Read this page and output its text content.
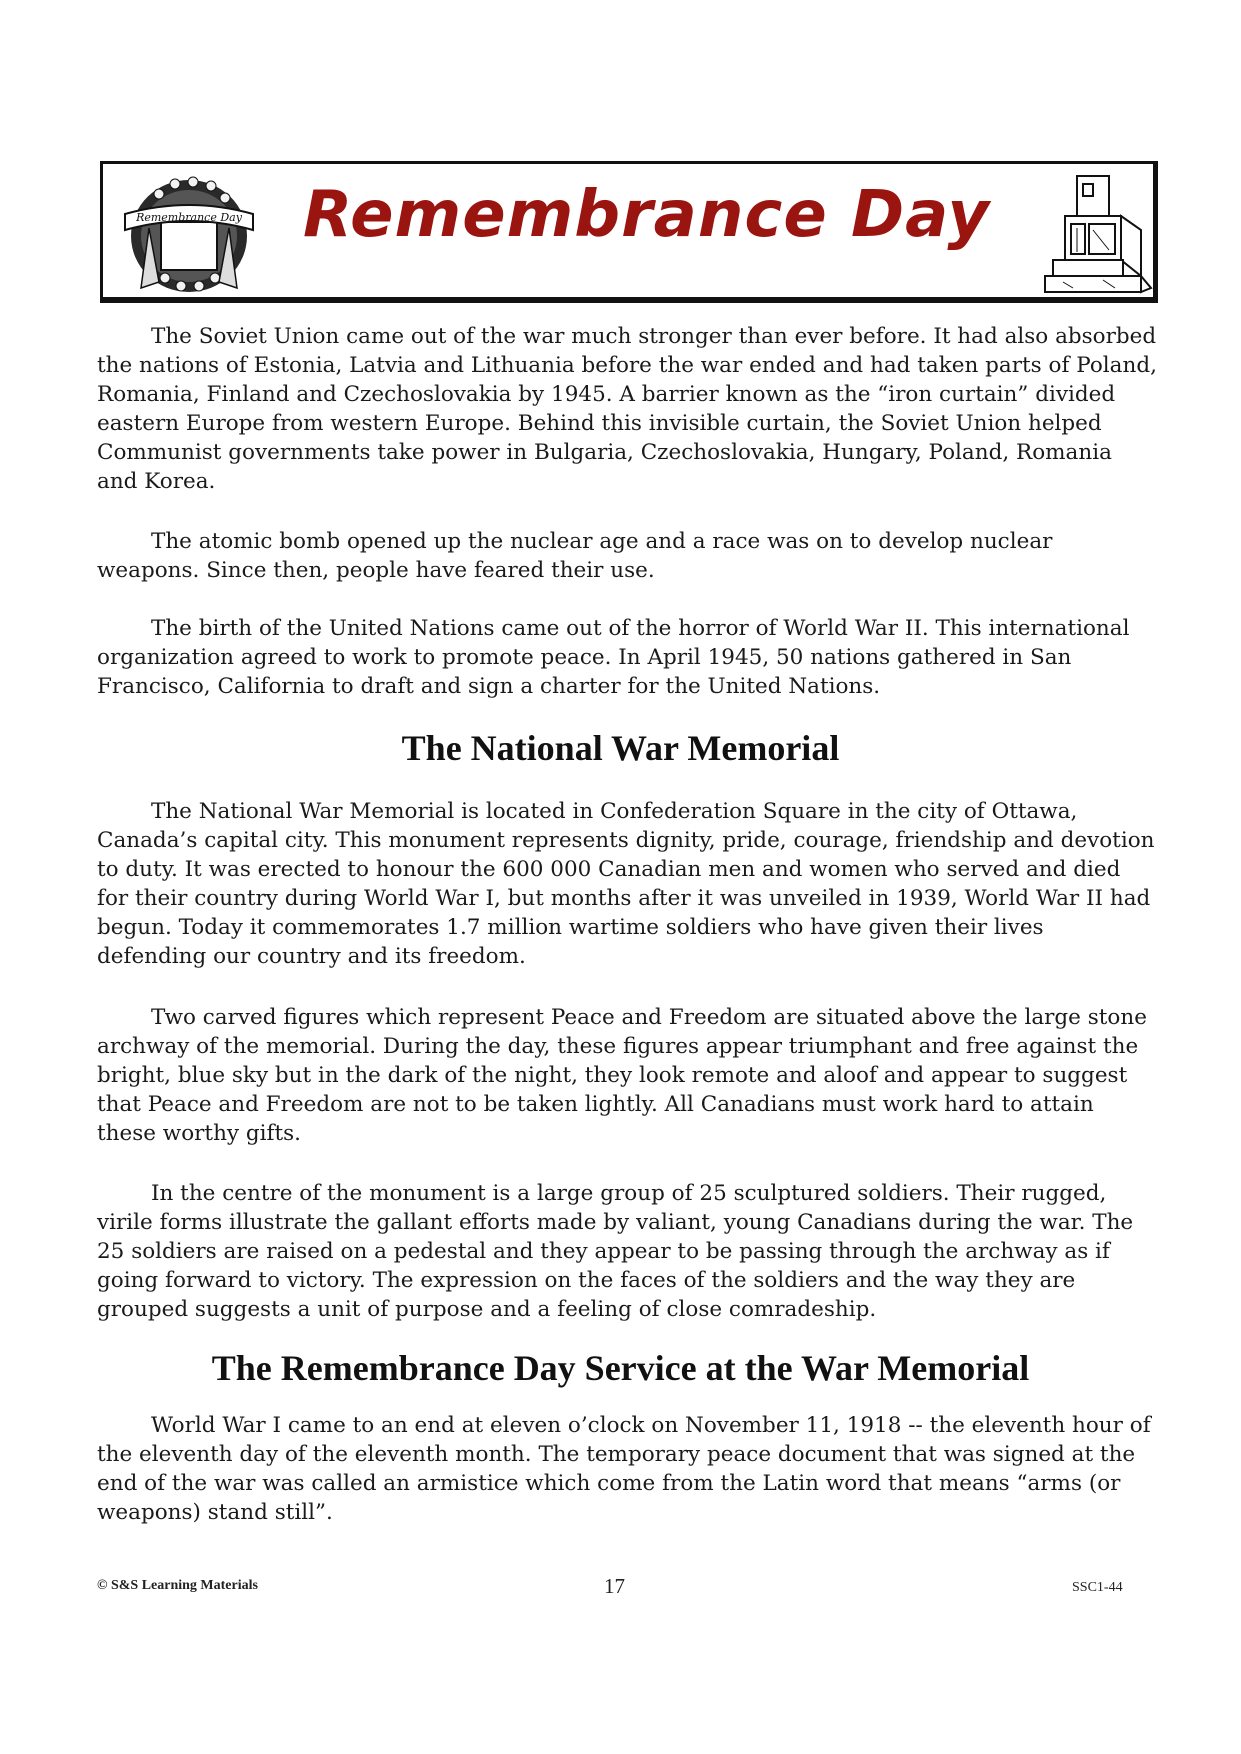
Remembrance Day Remembrance Day

The Soviet Union came out of the war much stronger than ever before. It had also absorbed the nations of Estonia, Latvia and Lithuania before the war ended and had taken parts of Poland, Romania, Finland and Czechoslovakia by 1945. A barrier known as the “iron curtain” divided eastern Europe from western Europe. Behind this invisible curtain, the Soviet Union helped Communist governments take power in Bulgaria, Czechoslovakia, Hungary, Poland, Romania and Korea.

The atomic bomb opened up the nuclear age and a race was on to develop nuclear weapons. Since then, people have feared their use.

The birth of the United Nations came out of the horror of World War II. This international organization agreed to work to promote peace. In April 1945, 50 nations gathered in San Francisco, California to draft and sign a charter for the United Nations.

The National War Memorial

The National War Memorial is located in Confederation Square in the city of Ottawa, Canada’s capital city. This monument represents dignity, pride, courage, friendship and devotion to duty. It was erected to honour the 600 000 Canadian men and women who served and died for their country during World War I, but months after it was unveiled in 1939, World War II had begun. Today it commemorates 1.7 million wartime soldiers who have given their lives defending our country and its freedom.

Two carved figures which represent Peace and Freedom are situated above the large stone archway of the memorial. During the day, these figures appear triumphant and free against the bright, blue sky but in the dark of the night, they look remote and aloof and appear to suggest that Peace and Freedom are not to be taken lightly. All Canadians must work hard to attain these worthy gifts.

In the centre of the monument is a large group of 25 sculptured soldiers. Their rugged, virile forms illustrate the gallant efforts made by valiant, young Canadians during the war. The 25 soldiers are raised on a pedestal and they appear to be passing through the archway as if going forward to victory. The expression on the faces of the soldiers and the way they are grouped suggests a unit of purpose and a feeling of close comradeship.

The Remembrance Day Service at the War Memorial

World War I came to an end at eleven o’clock on November 11, 1918 -- the eleventh hour of the eleventh day of the eleventh month. The temporary peace document that was signed at the end of the war was called an armistice which come from the Latin word that means “arms (or weapons) stand still”.

© S&S Learning Materials	17	SSC1-44
